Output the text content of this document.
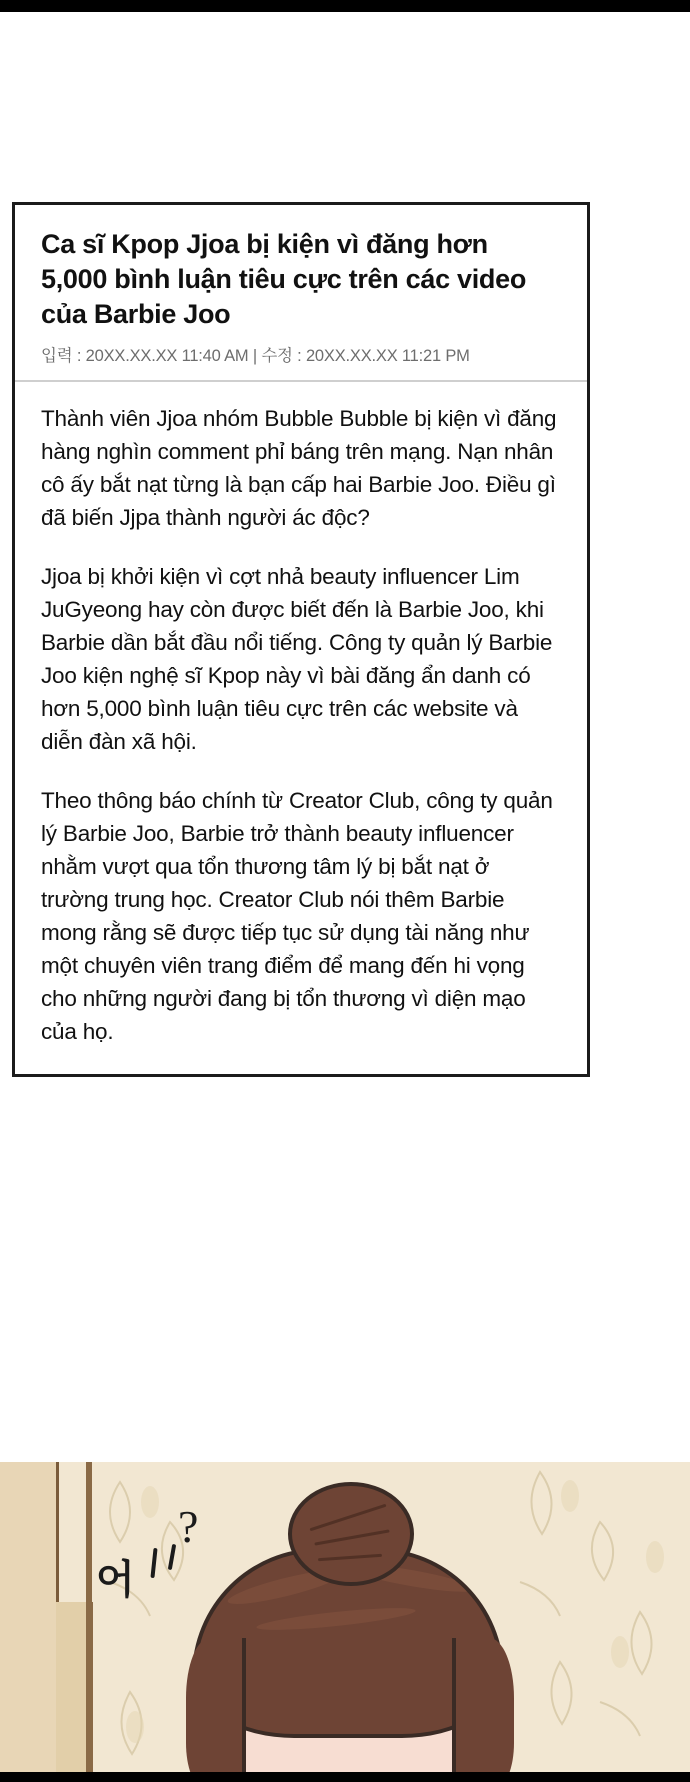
Ca sĩ Kpop Jjoa bị kiện vì đăng hơn 5,000 bình luận tiêu cực trên các video của Barbie Joo
입력 : 20XX.XX.XX 11:40 AM | 수정 : 20XX.XX.XX 11:21 PM

Thành viên Jjoa nhóm Bubble Bubble bị kiện vì đăng hàng nghìn comment phỉ báng trên mạng. Nạn nhân cô ấy bắt nạt từng là bạn cấp hai Barbie Joo. Điều gì đã biến Jjpa thành người ác độc?

Jjoa bị khởi kiện vì cợt nhả beauty influencer Lim JuGyeong hay còn được biết đến là Barbie Joo, khi Barbie dần bắt đầu nổi tiếng. Công ty quản lý Barbie Joo kiện nghệ sĩ Kpop này vì bài đăng ẩn danh có hơn 5,000 bình luận tiêu cực trên các website và diễn đàn xã hội.

Theo thông báo chính từ Creator Club, công ty quản lý Barbie Joo, Barbie trở thành beauty influencer nhằm vượt qua tổn thương tâm lý bị bắt nạt ở trường trung học. Creator Club nói thêm Barbie mong rằng sẽ được tiếp tục sử dụng tài năng như một chuyên viên trang điểm để mang đến hi vọng cho những người đang bị tổn thương vì diện mạo của họ.

어
?
